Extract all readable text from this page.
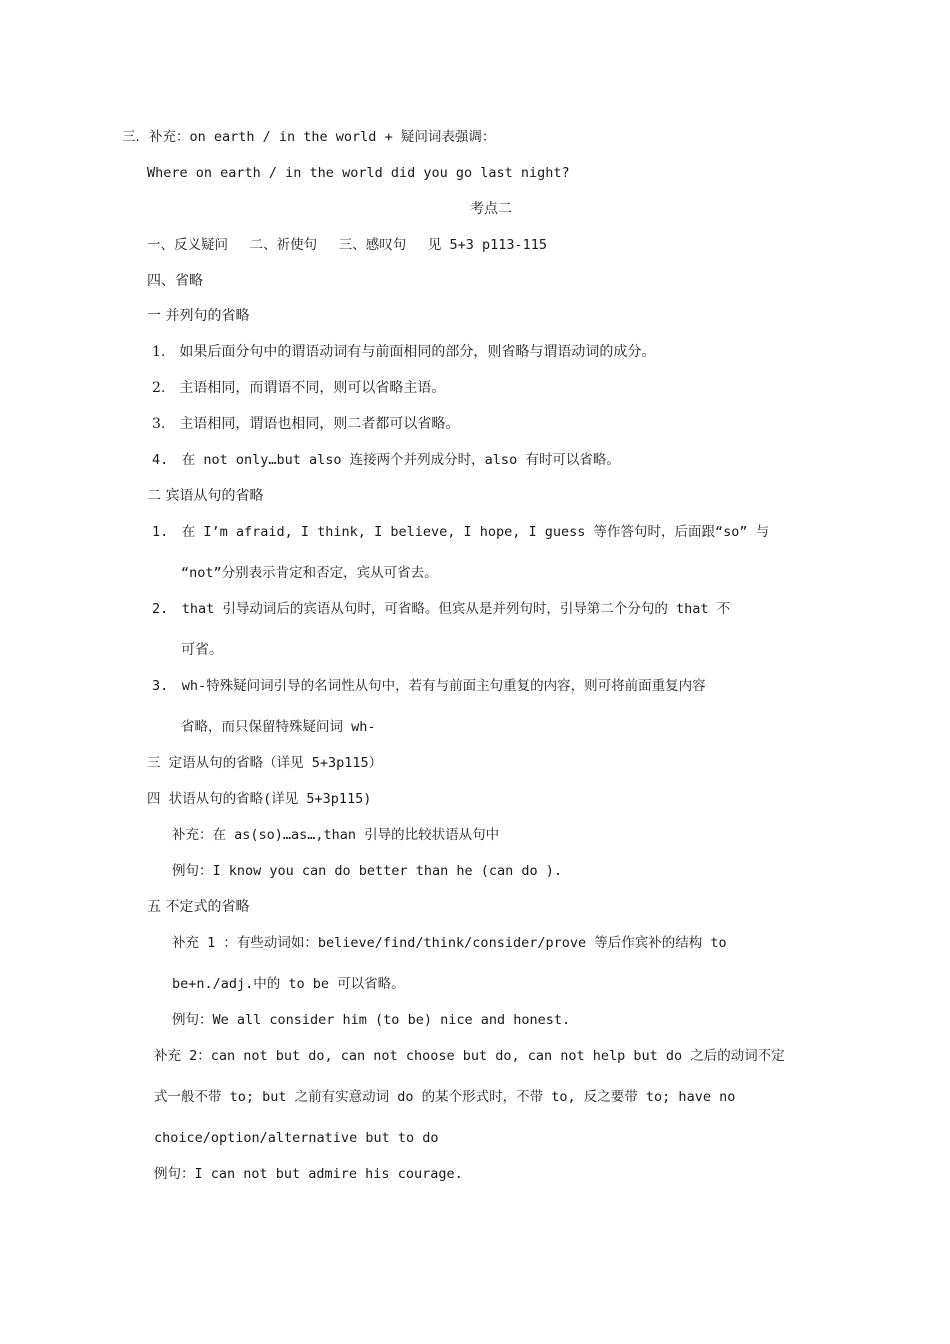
三．补充：on earth / in the world + 疑问词表强调：
Where on earth / in the world did you go last night?
考点二
一、反义疑问　 二、祈使句　 三、感叹句　 见 5+3 p113-115
四、省略
一 并列句的省略
1.　如果后面分句中的谓语动词有与前面相同的部分，则省略与谓语动词的成分。
2.　主语相同，而谓语不同，则可以省略主语。
3.　主语相同，谓语也相同，则二者都可以省略。
4.　在 not only…but also 连接两个并列成分时，also 有时可以省略。
二 宾语从句的省略
1.　在 I’m afraid, I think, I believe, I hope, I guess 等作答句时，后面跟“so” 与
“not”分别表示肯定和否定，宾从可省去。
2.　that 引导动词后的宾语从句时，可省略。但宾从是并列句时，引导第二个分句的 that 不
可省。
3.　wh-特殊疑问词引导的名词性从句中，若有与前面主句重复的内容，则可将前面重复内容
省略，而只保留特殊疑问词 wh-
三 定语从句的省略（详见 5+3p115）
四 状语从句的省略(详见 5+3p115)
补充：在 as(so)…as…,than 引导的比较状语从句中
例句：I know you can do better than he (can do ).
五 不定式的省略
补充 1 ：有些动词如：believe/find/think/consider/prove 等后作宾补的结构 to
be+n./adj.中的 to be 可以省略。
例句：We all consider him (to be) nice and honest.
补充 2：can not but do, can not choose but do, can not help but do 之后的动词不定
式一般不带 to; but 之前有实意动词 do 的某个形式时，不带 to, 反之要带 to; have no
choice/option/alternative but to do
例句：I can not but admire his courage.
